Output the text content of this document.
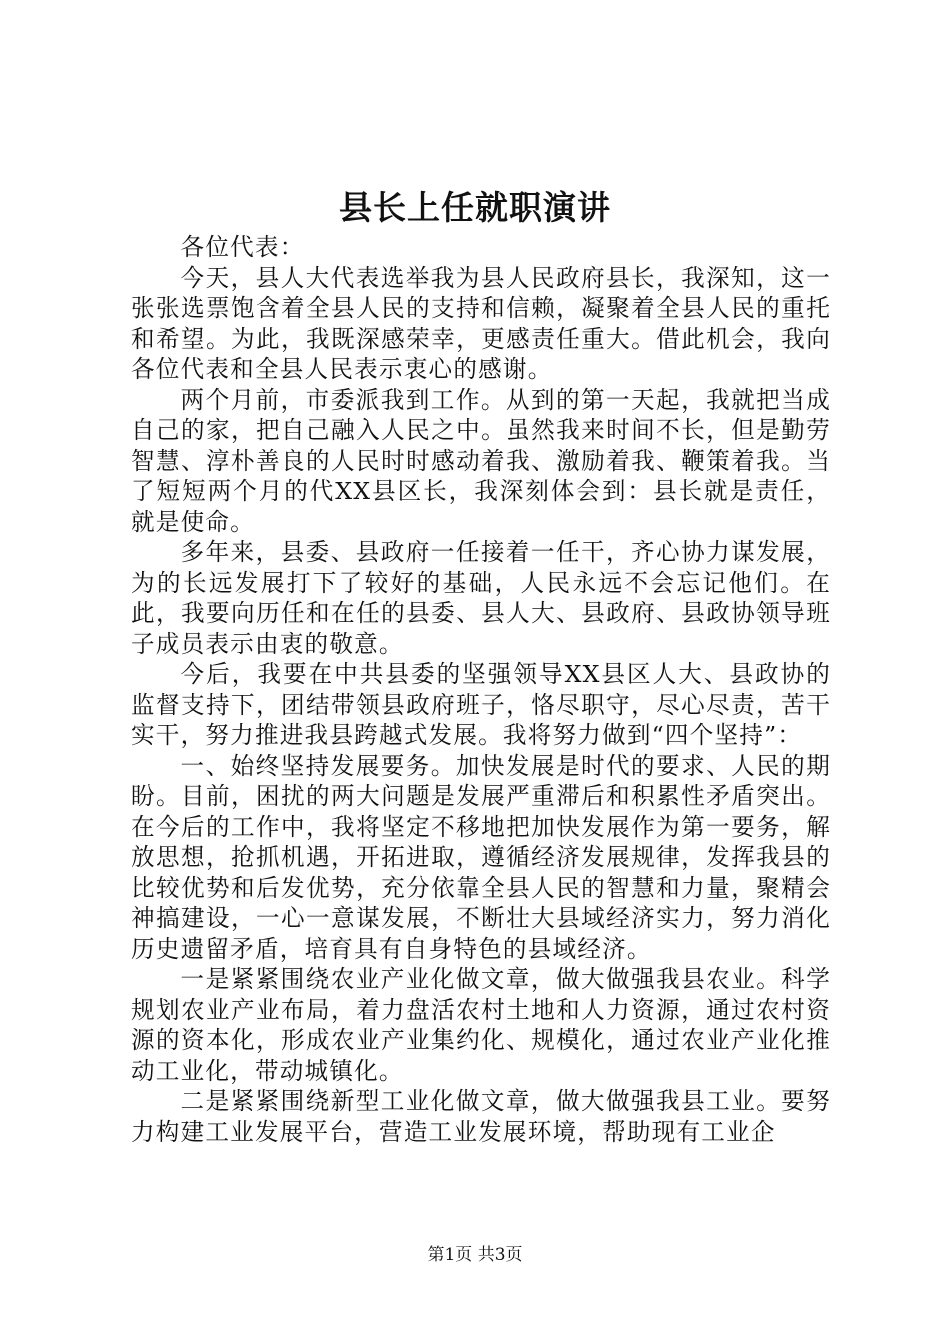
县长上任就职演讲

各位代表：

今天，县人大代表选举我为县人民政府县长，我深知，这一张张选票饱含着全县人民的支持和信赖，凝聚着全县人民的重托和希望。为此，我既深感荣幸，更感责任重大。借此机会，我向各位代表和全县人民表示衷心的感谢。

两个月前，市委派我到工作。从到的第一天起，我就把当成自己的家，把自己融入人民之中。虽然我来时间不长，但是勤劳智慧、淳朴善良的人民时时感动着我、激励着我、鞭策着我。当了短短两个月的代XX县区长，我深刻体会到：县长就是责任，就是使命。

多年来，县委、县政府一任接着一任干，齐心协力谋发展，为的长远发展打下了较好的基础，人民永远不会忘记他们。在此，我要向历任和在任的县委、县人大、县政府、县政协领导班子成员表示由衷的敬意。

今后，我要在中共县委的坚强领导XX县区人大、县政协的监督支持下，团结带领县政府班子，恪尽职守，尽心尽责，苦干实干，努力推进我县跨越式发展。我将努力做到“四个坚持”：

一、始终坚持发展要务。加快发展是时代的要求、人民的期盼。目前，困扰的两大问题是发展严重滞后和积累性矛盾突出。在今后的工作中，我将坚定不移地把加快发展作为第一要务，解放思想，抢抓机遇，开拓进取，遵循经济发展规律，发挥我县的比较优势和后发优势，充分依靠全县人民的智慧和力量，聚精会神搞建设，一心一意谋发展，不断壮大县域经济实力，努力消化历史遗留矛盾，培育具有自身特色的县域经济。

一是紧紧围绕农业产业化做文章，做大做强我县农业。科学规划农业产业布局，着力盘活农村土地和人力资源，通过农村资源的资本化，形成农业产业集约化、规模化，通过农业产业化推动工业化，带动城镇化。

二是紧紧围绕新型工业化做文章，做大做强我县工业。要努力构建工业发展平台，营造工业发展环境，帮助现有工业企

第1页 共3页
